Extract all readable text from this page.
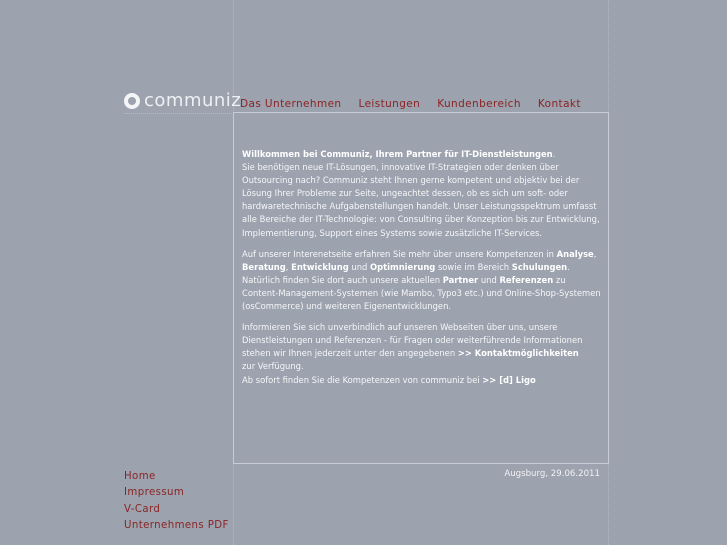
communiz
Das Unternehmen Leistungen Kundenbereich Kontakt

Willkommen bei Communiz, Ihrem Partner für IT-Dienstleistungen.
Sie benötigen neue IT-Lösungen, innovative IT-Strategien oder denken über Outsourcing nach? Communiz steht Ihnen gerne kompetent und objektiv bei der Lösung Ihrer Probleme zur Seite, ungeachtet dessen, ob es sich um soft- oder hardwaretechnische Aufgabenstellungen handelt. Unser Leistungsspektrum umfasst alle Bereiche der IT-Technologie: von Consulting über Konzeption bis zur Entwicklung, Implementierung, Support eines Systems sowie zusätzliche IT-Services.

Auf unserer Interenetseite erfahren Sie mehr über unsere Kompetenzen in Analyse, Beratung, Entwicklung und Optimnierung sowie im Bereich Schulungen. Natürlich finden Sie dort auch unsere aktuellen Partner und Referenzen zu Content-Management-Systemen (wie Mambo, Typo3 etc.) und Online-Shop-Systemen (osCommerce) und weiteren Eigenentwicklungen.

Informieren Sie sich unverbindlich auf unseren Webseiten über uns, unsere Dienstleistungen und Referenzen - für Fragen oder weiterführende Informationen stehen wir Ihnen jederzeit unter den angegebenen >> Kontaktmöglichkeiten
zur Verfügung.
Ab sofort finden Sie die Kompetenzen von communiz bei >> [d] Ligo

Augsburg, 29.06.2011
Home
Impressum
V-Card
Unternehmens PDF
